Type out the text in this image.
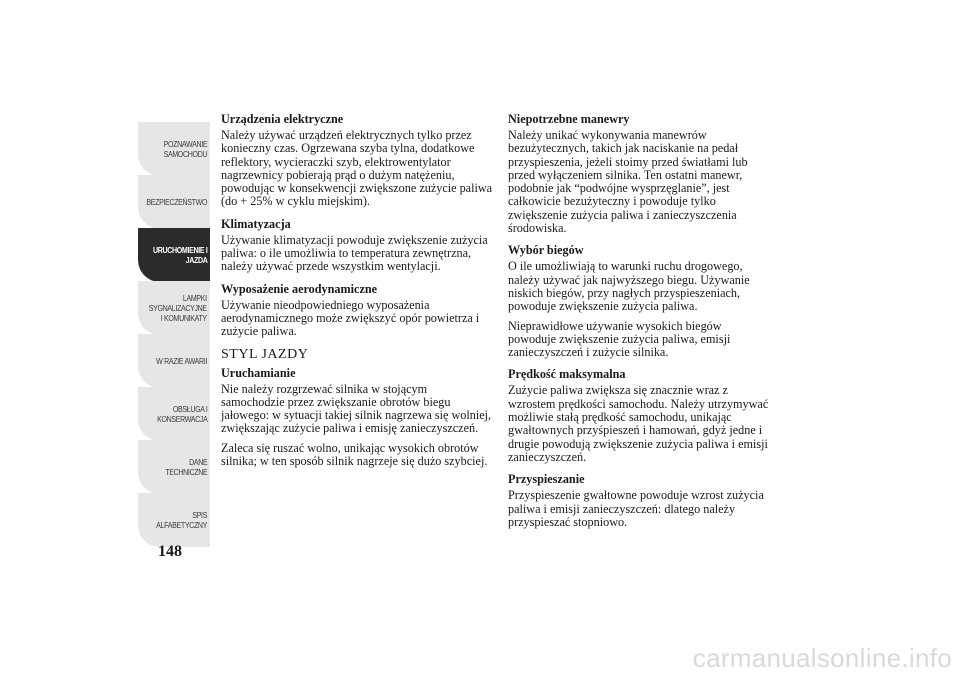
POZNAWANIE
SAMOCHODU
BEZPIECZEŃSTWO
URUCHOMIENIE I
JAZDA
LAMPKI
SYGNALIZACYJNE
I KOMUNIKATY
W RAZIE AWARII
OBSŁUGA I
KONSERWACJA
DANE
TECHNICZNE
SPIS
ALFABETYCZNY
148
Urządzenia elektryczne
Należy używać urządzeń elektrycznych tylko przez konieczny czas. Ogrzewana szyba tylna, dodatkowe reflektory, wycieraczki szyb, elektrowentylator nagrzewnicy pobierają prąd o dużym natężeniu, powodując w konsekwencji zwiększone zużycie paliwa (do + 25% w cyklu miejskim).
Klimatyzacja
Używanie klimatyzacji powoduje zwiększenie zużycia paliwa: o ile umożliwia to temperatura zewnętrzna, należy używać przede wszystkim wentylacji.
Wyposażenie aerodynamiczne
Używanie nieodpowiedniego wyposażenia aerodynamicznego może zwiększyć opór powietrza i zużycie paliwa.
STYL JAZDY
Uruchamianie
Nie należy rozgrzewać silnika w stojącym samochodzie przez zwiększanie obrotów biegu jałowego: w sytuacji takiej silnik nagrzewa się wolniej, zwiększając zużycie paliwa i emisję zanieczyszczeń.
Zaleca się ruszać wolno, unikając wysokich obrotów silnika; w ten sposób silnik nagrzeje się dużo szybciej.
Niepotrzebne manewry
Należy unikać wykonywania manewrów bezużytecznych, takich jak naciskanie na pedał przyspieszenia, jeżeli stoimy przed światłami lub przed wyłączeniem silnika. Ten ostatni manewr, podobnie jak “podwójne wysprzęglanie”, jest całkowicie bezużyteczny i powoduje tylko zwiększenie zużycia paliwa i zanieczyszczenia środowiska.
Wybór biegów
O ile umożliwiają to warunki ruchu drogowego, należy używać jak najwyższego biegu. Używanie niskich biegów, przy nagłych przyspieszeniach, powoduje zwiększenie zużycia paliwa.
Nieprawidłowe używanie wysokich biegów powoduje zwiększenie zużycia paliwa, emisji zanieczyszczeń i zużycie silnika.
Prędkość maksymalna
Zużycie paliwa zwiększa się znacznie wraz z wzrostem prędkości samochodu. Należy utrzymywać możliwie stałą prędkość samochodu, unikając gwałtownych przyśpieszeń i hamowań, gdyż jedne i drugie powodują zwiększenie zużycia paliwa i emisji zanieczyszczeń.
Przyspieszanie
Przyspieszenie gwałtowne powoduje wzrost zużycia paliwa i emisji zanieczyszczeń: dlatego należy przyspieszać stopniowo.
carmanualsonline.info
